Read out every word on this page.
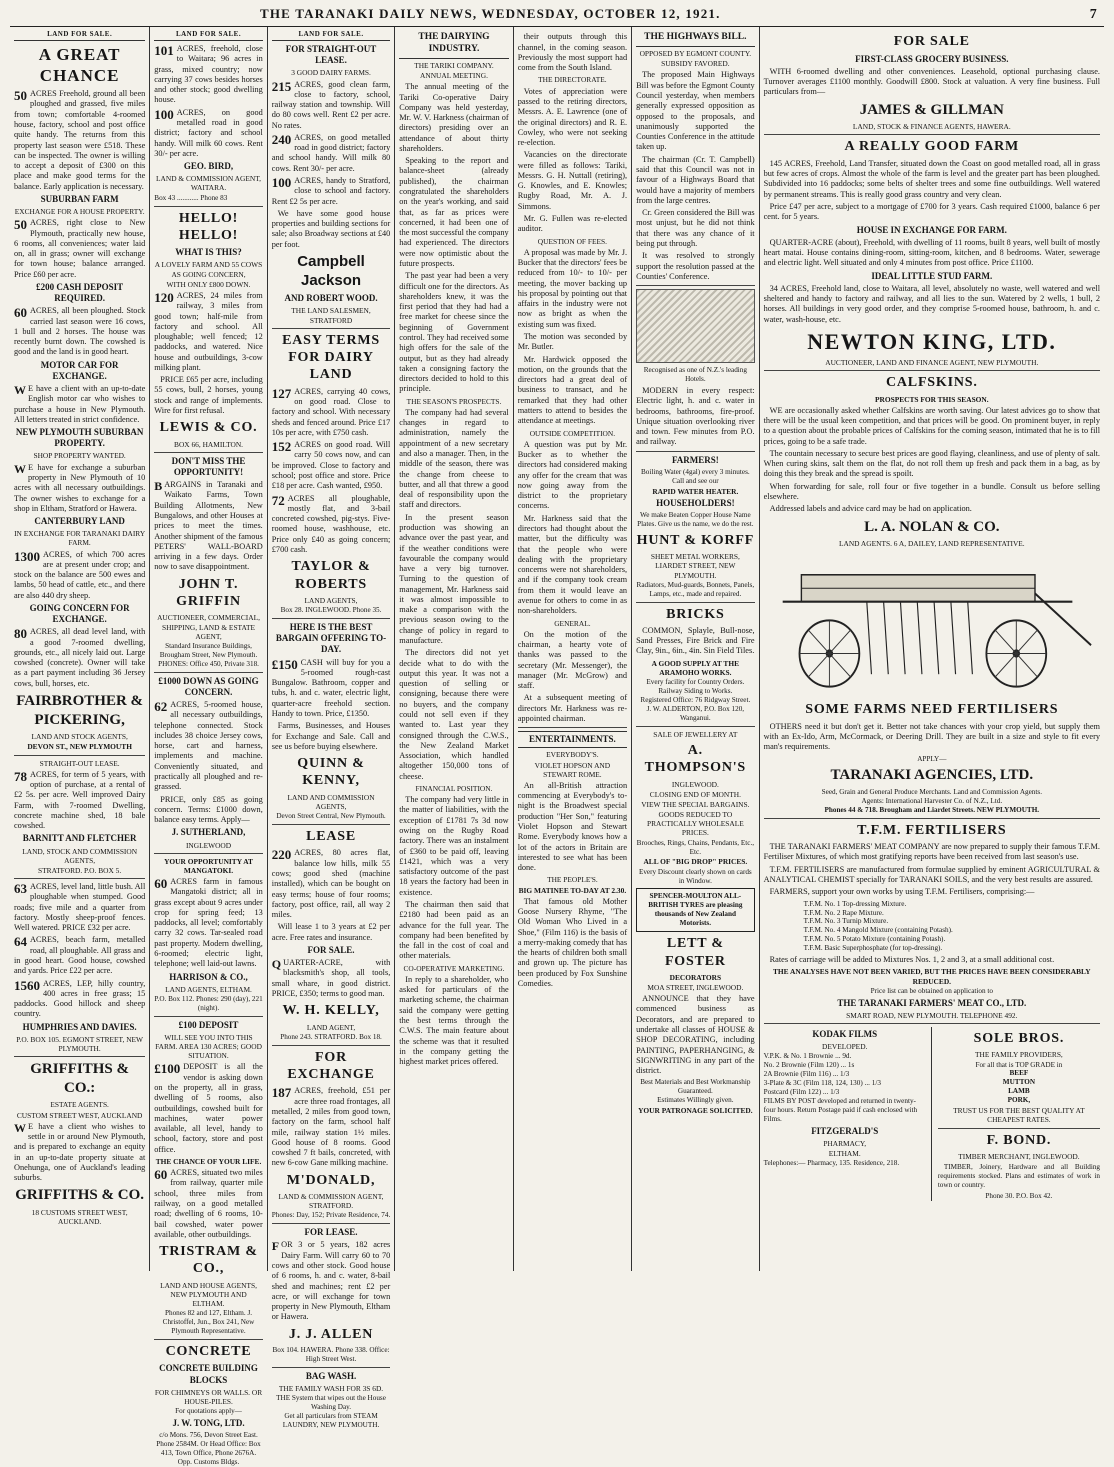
THE TARANAKI DAILY NEWS, WEDNESDAY, OCTOBER 12, 1921.	7
LAND FOR SALE.
A GREAT CHANCE
50 ACRES Freehold, ground all been ploughed and grassed, five miles from town; comfortable 4-roomed house, factory, school and post office quite handy. The returns from this property last season were £518. These can be inspected. The owner is willing to accept a deposit of £300 on this place and make good terms for the balance. Early application is necessary.
SUBURBAN FARM
EXCHANGE FOR A HOUSE PROPERTY.
50 ACRES, right close to New Plymouth, practically new house, 6 rooms, all conveniences; water laid on, all in grass; owner will exchange for town house; balance arranged. Price £60 per acre.
£200 CASH DEPOSIT REQUIRED.
60 ACRES, all been ploughed. Stock carried last season were 16 cows, 1 bull and 2 horses. The house was recently burnt down. The cowshed is good and the land is in good heart.
MOTOR CAR FOR EXCHANGE.
W E have a client with an up-to-date English motor car who wishes to purchase a house in New Plymouth. All letters treated in strict confidence.
NEW PLYMOUTH SUBURBAN PROPERTY.
SHOP PROPERTY WANTED.
W E have for exchange a suburban property in New Plymouth of 10 acres with all necessary outbuildings. The owner wishes to exchange for a shop in Eltham, Stratford or Hawera.
CANTERBURY LAND
IN EXCHANGE FOR TARANAKI DAIRY FARM.
1300 ACRES, of which 700 acres are at present under crop; and stock on the balance are 500 ewes and lambs, 50 head of cattle, etc., and there are also 440 dry sheep.
GOING CONCERN FOR EXCHANGE.
80 ACRES, all dead level land, with a good 7-roomed dwelling, grounds, etc., all nicely laid out. Large cowshed (concrete). Owner will take as a part payment including 36 Jersey cows, bull, horses, etc.
FAIRBROTHER & PICKERING,
LAND AND STOCK AGENTS,
DEVON ST., NEW PLYMOUTH
STRAIGHT-OUT LEASE.
78 ACRES, for term of 5 years, with option of purchase, at a rental of £2 5s. per acre. Well improved Dairy Farm, with 7-roomed Dwelling, concrete machine shed, 18 bale cowshed.
BARNITT AND FLETCHER
LAND, STOCK AND COMMISSION AGENTS,
STRATFORD. P.O. BOX 5.
63 ACRES, level land, little bush. All ploughable when stumped. Good roads; five mile and a quarter from factory. Mostly sheep-proof fences. Well watered. PRICE £32 per acre.
64 ACRES, beach farm, metalled road, all ploughable. All grass and in good heart. Good house, cowshed and yards. Price £22 per acre.
1560 ACRES, LEP, hilly country, 400 acres in free grass; 15 paddocks. Good hillock and sheep country.
HUMPHRIES AND DAVIES.
P.O. BOX 105. EGMONT STREET, NEW PLYMOUTH.
GRIFFITHS & CO.:
ESTATE AGENTS.
CUSTOM STREET WEST, AUCKLAND
W E have a client who wishes to settle in or around New Plymouth, and is prepared to exchange an equity in an up-to-date property situate at Onehunga, one of Auckland's leading suburbs.
GRIFFITHS & CO.
18 CUSTOMS STREET WEST, AUCKLAND.
LAND FOR SALE.
101 ACRES, freehold, close to Waitara; 96 acres in grass, mixed country; now carrying 37 cows besides horses and other stock; good dwelling house.
100 ACRES, on good metalled road in good district; factory and school handy. Will milk 60 cows. Rent 30/- per acre.
GEO. BIRD,
LAND & COMMISSION AGENT, WAITARA.
Box 43 ............ Phone 83
HELLO! HELLO!
WHAT IS THIS?
A LOVELY FARM AND 55 COWS AS GOING CONCERN,
WITH ONLY £800 DOWN.
120 ACRES, 24 miles from railway, 3 miles from good town; half-mile from factory and school. All ploughable; well fenced; 12 paddocks, and watered. Nice house and outbuildings, 3-cow milking plant.
PRICE £65 per acre, including 55 cows, bull, 2 horses, young stock and range of implements. Wire for first refusal.
LEWIS & CO.
BOX 66, HAMILTON.
DON'T MISS THE OPPORTUNITY!
B ARGAINS in Taranaki and Waikato Farms, Town Building Allotments, New Bungalows, and other Houses at prices to meet the times. Another shipment of the famous PETERS' WALL-BOARD arriving in a few days. Order now to save disappointment.
JOHN T. GRIFFIN
AUCTIONEER, COMMERCIAL, SHIPPING, LAND & ESTATE AGENT,
Standard Insurance Buildings, Brougham Street, New Plymouth.
PHONES: Office 450, Private 318.
£1000 DOWN AS GOING CONCERN.
62 ACRES, 5-roomed house, all necessary outbuildings, telephone connected. Stock includes 38 choice Jersey cows, horse, cart and harness, implements and machine. Conveniently situated, and practically all ploughed and re-grassed.
PRICE, only £85 as going concern. Terms: £1000 down, balance easy terms. Apply—
J. SUTHERLAND,
INGLEWOOD
YOUR OPPORTUNITY AT MANGATOKI.
60 ACRES farm in famous Mangatoki district; all in grass except about 9 acres under crop for spring feed; 13 paddocks, all level; comfortably carry 32 cows. Tar-sealed road past property. Modern dwelling, 6-roomed; electric light, telephone; well laid-out lawns.
HARRISON & CO.,
LAND AGENTS, ELTHAM.
P.O. Box 112. Phones: 290 (day), 221 (night).
£100 DEPOSIT
WILL SEE YOU INTO THIS FARM. AREA 130 ACRES; GOOD SITUATION.
£100 DEPOSIT is all the vendor is asking down on the property, all in grass, dwelling of 5 rooms, also outbuildings, cowshed built for machines, water power available, all level, handy to school, factory, store and post office.
THE CHANCE OF YOUR LIFE.
60 ACRES, situated two miles from railway, quarter mile school, three miles from railway, on a good metalled road; dwelling of 6 rooms, 10-bail cowshed, water power available, other outbuildings.
TRISTRAM & CO.,
LAND AND HOUSE AGENTS, NEW PLYMOUTH AND ELTHAM.
Phones 82 and 127, Eltham. J. Christoffel, Jun., Box 241, New Plymouth Representative.
CONCRETE
CONCRETE BUILDING BLOCKS
FOR CHIMNEYS OR WALLS. OR HOUSE-PILES.
For quotations apply—
J. W. TONG, LTD.
c/o Mons. 756, Devon Street East.
Phone 2584M. Or Head Office: Box 413, Town Office, Phone 2676A. Opp. Customs Bldgs.
LAND FOR SALE.
FOR STRAIGHT-OUT LEASE.
3 GOOD DAIRY FARMS.
215 ACRES, good clean farm, close to factory, school, railway station and township. Will do 80 cows well. Rent £2 per acre. No rates.
240 ACRES, on good metalled road in good district; factory and school handy. Will milk 80 cows. Rent 30/- per acre.
100 ACRES, handy to Stratford, close to school and factory. Rent £2 5s per acre.
We have some good house properties and building sections for sale; also Broadway sections at £40 per foot.
Campbell Jackson
AND ROBERT WOOD.
THE LAND SALESMEN, STRATFORD
EASY TERMS FOR DAIRY LAND
127 ACRES, carrying 40 cows, on good road. Close to factory and school. With necessary sheds and fenced around. Price £17 10s per acre, with £750 cash.
152 ACRES on good road. Will carry 50 cows now, and can be improved. Close to factory and school; post office and store. Price £18 per acre. Cash wanted, £950.
72 ACRES all ploughable, mostly flat, and 3-bail concreted cowshed, pig-stys. Five-roomed house, washhouse, etc. Price only £40 as going concern; £700 cash.
TAYLOR & ROBERTS
LAND AGENTS,
Box 28. INGLEWOOD. Phone 35.
HERE IS THE BEST BARGAIN OFFERING TO-DAY.
£150 CASH will buy for you a 5-roomed rough-cast Bungalow. Bathroom, copper and tubs, h. and c. water, electric light, quarter-acre freehold section. Handy to town. Price, £1350.
Farms, Businesses, and Houses for Exchange and Sale. Call and see us before buying elsewhere.
QUINN & KENNY,
LAND AND COMMISSION AGENTS,
Devon Street Central, New Plymouth.
LEASE
220 ACRES, 80 acres flat, balance low hills, milk 55 cows; good shed (machine installed), which can be bought on easy terms; house of four rooms; factory, post office, rail, all way 2 miles.
Will lease 1 to 3 years at £2 per acre. Free rates and insurance.
FOR SALE.
Q UARTER-ACRE, with blacksmith's shop, all tools, small whare, in good district. PRICE, £350; terms to good man.
W. H. KELLY,
LAND AGENT,
Phone 243. STRATFORD. Box 18.
FOR EXCHANGE
187 ACRES, freehold, £51 per acre three road frontages, all metalled, 2 miles from good town, factory on the farm, school half mile, railway station 1½ miles. Good house of 8 rooms. Good cowshed 7 ft bails, concreted, with new 6-cow Gane milking machine.
M'DONALD,
LAND & COMMISSION AGENT, STRATFORD.
Phones: Day, 152; Private Residence, 74.
FOR LEASE.
F OR 3 or 5 years, 182 acres Dairy Farm. Will carry 60 to 70 cows and other stock. Good house of 6 rooms, h. and c. water, 8-bail shed and machines; rent £2 per acre, or will exchange for town property in New Plymouth, Eltham or Hawera.
J. J. ALLEN
Box 104. HAWERA. Phone 338. Office: High Street West.
BAG WASH.
THE FAMILY WASH FOR 3S 6D.
THE System that wipes out the House Washing Day.
Get all particulars from STEAM LAUNDRY, NEW PLYMOUTH.
THE DAIRYING INDUSTRY.
THE TARIKI COMPANY.
ANNUAL MEETING.
The annual meeting of the Tariki Co-operative Dairy Company was held yesterday, Mr. W. V. Harkness (chairman of directors) presiding over an attendance of about thirty shareholders.
Speaking to the report and balance-sheet (already published), the chairman congratulated the shareholders on the year's working, and said that, as far as prices were concerned, it had been one of the most successful the company had experienced. The directors were now optimistic about the future prospects.
The past year had been a very difficult one for the directors. As shareholders knew, it was the first period that they had had a free market for cheese since the beginning of Government control. They had received some high offers for the sale of the output, but as they had already taken a consigning factory the directors decided to hold to this principle.
THE SEASON'S PROSPECTS.
The company had had several changes in regard to administration, namely the appointment of a new secretary and also a manager. Then, in the middle of the season, there was the change from cheese to butter, and all that threw a good deal of responsibility upon the staff and directors.
In the present season production was showing an advance over the past year, and if the weather conditions were favourable the company would have a very big turnover. Turning to the question of management, Mr. Harkness said it was almost impossible to make a comparison with the previous season owing to the change of policy in regard to manufacture.
The directors did not yet decide what to do with the output this year. It was not a question of selling or consigning, because there were no buyers, and the company could not sell even if they wanted to. Last year they consigned through the C.W.S., the New Zealand Market Association, which handled altogether 150,000 tons of cheese.
FINANCIAL POSITION.
The company had very little in the matter of liabilities, with the exception of £1781 7s 3d now owing on the Rugby Road factory. There was an instalment of £360 to be paid off, leaving £1421, which was a very satisfactory outcome of the past 18 years the factory had been in existence.
The chairman then said that £2180 had been paid as an advance for the full year. The company had been benefited by the fall in the cost of coal and other materials.
CO-OPERATIVE MARKETING.
In reply to a shareholder, who asked for particulars of the marketing scheme, the chairman said the company were getting the best terms through the C.W.S. The main feature about the scheme was that it resulted in the company getting the highest market prices offered.
their outputs through this channel, in the coming season. Previously the most support had come from the South Island.
THE DIRECTORATE.
Votes of appreciation were passed to the retiring directors, Messrs. A. E. Lawrence (one of the original directors) and R. E. Cowley, who were not seeking re-election.
Vacancies on the directorate were filled as follows: Tariki, Messrs. G. H. Nuttall (retiring), G. Knowles, and E. Knowles; Rugby Road, Mr. A. J. Simmons.
Mr. G. Fullen was re-elected auditor.
QUESTION OF FEES.
A proposal was made by Mr. J. Bucker that the directors' fees be reduced from 10/- to 10/- per meeting, the mover backing up his proposal by pointing out that affairs in the industry were not now as bright as when the existing sum was fixed.
The motion was seconded by Mr. Butler.
Mr. Hardwick opposed the motion, on the grounds that the directors had a great deal of business to transact, and he remarked that they had other matters to attend to besides the attendance at meetings.
OUTSIDE COMPETITION.
A question was put by Mr. Bucker as to whether the directors had considered making any offer for the cream that was now going away from the district to the proprietary concerns.
Mr. Harkness said that the directors had thought about the matter, but the difficulty was that the people who were dealing with the proprietary concerns were not shareholders, and if the company took cream from them it would leave an avenue for others to come in as non-shareholders.
GENERAL.
On the motion of the chairman, a hearty vote of thanks was passed to the secretary (Mr. Messenger), the manager (Mr. McGrow) and staff.
At a subsequent meeting of directors Mr. Harkness was re-appointed chairman.
ENTERTAINMENTS.
EVERYBODY'S.
VIOLET HOPSON AND STEWART ROME.
An all-British attraction commencing at Everybody's to-night is the Broadwest special production "Her Son," featuring Violet Hopson and Stewart Rome. Everybody knows how a lot of the actors in Britain are interested to see what has been done.
THE PEOPLE'S.
BIG MATINEE TO-DAY AT 2.30.
That famous old Mother Goose Nursery Rhyme, "The Old Woman Who Lived in a Shoe," (Film 116) is the basis of a merry-making comedy that has the hearts of children both small and grown up. The picture has been produced by Fox Sunshine Comedies.
THE HIGHWAYS BILL.
OPPOSED BY EGMONT COUNTY.
SUBSIDY FAVORED.
The proposed Main Highways Bill was before the Egmont County Council yesterday, when members generally expressed opposition as opposed to the proposals, and unanimously supported the Counties Conference in the attitude taken up.
The chairman (Cr. T. Campbell) said that this Council was not in favour of a Highways Board that would have a majority of members from the large centres.
Cr. Green considered the Bill was most unjust, but he did not think that there was any chance of it being put through.
It was resolved to strongly support the resolution passed at the Counties' Conference.
Recognised as one of N.Z.'s leading Hotels.
MODERN in every respect: Electric light, h. and c. water in bedrooms, bathrooms, fire-proof. Unique situation overlooking river and town. Few minutes from P.O. and railway.
FARMERS!
Boiling Water (4gal) every 3 minutes. Call and see our
RAPID WATER HEATER.
HOUSEHOLDERS!
We make Beaten Copper House Name Plates. Give us the name, we do the rest.
HUNT & KORFF
SHEET METAL WORKERS, LIARDET STREET, NEW PLYMOUTH.
Radiators, Mud-guards, Bonnets, Panels, Lamps, etc., made and repaired.
BRICKS
COMMON, Splayle, Bull-nose, Sand Presses, Fire Brick and Fire Clay, 9in., 6in., 4in. Sin Field Tiles.
A GOOD SUPPLY AT THE ARAMOHO WORKS.
Every facility for Country Orders. Railway Siding to Works.
Registered Office: 76 Ridgway Street.
J. W. ALDERTON, P.O. Box 120, Wanganui.
SALE OF JEWELLERY AT
A. THOMPSON'S
INGLEWOOD.
CLOSING END OF MONTH.
VIEW THE SPECIAL BARGAINS.
GOODS REDUCED TO PRACTICALLY WHOLESALE PRICES.
Brooches, Rings, Chains, Pendants, Etc., Etc.
ALL OF "BIG DROP" PRICES.
Every Discount clearly shown on cards in Window.
SPENCER-MOULTON ALL-BRITISH TYRES are pleasing thousands of New Zealand Motorists.
LETT & FOSTER
DECORATORS
MOA STREET, INGLEWOOD.
ANNOUNCE that they have commenced business as Decorators, and are prepared to undertake all classes of HOUSE & SHOP DECORATING, including PAINTING, PAPERHANGING, & SIGNWRITING in any part of the district.
Best Materials and Best Workmanship Guaranteed.
Estimates Willingly given.
YOUR PATRONAGE SOLICITED.
FOR SALE
FIRST-CLASS GROCERY BUSINESS.
WITH 6-roomed dwelling and other conveniences. Leasehold, optional purchasing clause. Turnover averages £1100 monthly. Goodwill £800. Stock at valuation. A very fine business. Full particulars from—
JAMES & GILLMAN
LAND, STOCK & FINANCE AGENTS, HAWERA.
A REALLY GOOD FARM
145 ACRES, Freehold, Land Transfer, situated down the Coast on good metalled road, all in grass but few acres of crops. Almost the whole of the farm is level and the greater part has been ploughed. Subdivided into 16 paddocks; some belts of shelter trees and some fine outbuildings. Well watered by permanent streams. This is really good grass country and very clean.
Price £47 per acre, subject to a mortgage of £700 for 3 years. Cash required £1000, balance 6 per cent. for 5 years.
HOUSE IN EXCHANGE FOR FARM.
QUARTER-ACRE (about), Freehold, with dwelling of 11 rooms, built 8 years, well built of mostly heart matai. House contains dining-room, sitting-room, kitchen, and 8 bedrooms. Water, sewerage and electric light. Well situated and only 4 minutes from post office. Price £1100.
IDEAL LITTLE STUD FARM.
34 ACRES, Freehold land, close to Waitara, all level, absolutely no waste, well watered and well sheltered and handy to factory and railway, and all lies to the sun. Watered by 2 wells, 1 bull, 2 horses. All buildings in very good order, and they comprise 5-roomed house, bathroom, h. and c. water, wash-house, etc.
NEWTON KING, LTD.
AUCTIONEER, LAND AND FINANCE AGENT, NEW PLYMOUTH.
CALFSKINS.
PROSPECTS FOR THIS SEASON.
WE are occasionally asked whether Calfskins are worth saving. Our latest advices go to show that there will be the usual keen competition, and that prices will be good. On prominent buyer, in reply to a question about the probable prices of Calfskins for the coming season, intimated that he is to fill prices, going to be a safe trade.
The countain necessary to secure best prices are good flaying, cleanliness, and use of plenty of salt. When curing skins, salt them on the flat, do not roll them up fresh and pack them in a bag, as by doing this they break and the spread is spoilt.
When forwarding for sale, roll four or five together in a bundle. Consult us before selling elsewhere.
Addressed labels and advice card may be had on application.
L. A. NOLAN & CO.
LAND AGENTS. 6 A, DAILEY, LAND REPRESENTATIVE.
SOME FARMS NEED FERTILISERS
OTHERS need it but don't get it. Better not take chances with your crop yield, but supply them with an Ex-Ido, Arm, McCormack, or Deering Drill. They are built in a size and style to fit every man's requirements.
APPLY—
TARANAKI AGENCIES, LTD.
Seed, Grain and General Produce Merchants. Land and Commission Agents.
Agents: International Harvester Co. of N.Z., Ltd.
Phones 44 & 718. Brougham and Liardet Streets. NEW PLYMOUTH.
T.F.M. FERTILISERS
THE TARANAKI FARMERS' MEAT COMPANY are now prepared to supply their famous T.F.M. Fertiliser Mixtures, of which most gratifying reports have been received from last season's use.
T.F.M. FERTILISERS are manufactured from formulae supplied by eminent AGRICULTURAL & ANALYTICAL CHEMIST specially for TARANAKI SOILS, and the very best results are assured.
FARMERS, support your own works by using T.F.M. Fertilisers, comprising:—
T.F.M. No. 1 Top-dressing Mixture.
T.F.M. No. 2 Rape Mixture.
T.F.M. No. 3 Turnip Mixture.
T.F.M. No. 4 Mangold Mixture (containing Potash).
T.F.M. No. 5 Potato Mixture (containing Potash).
T.F.M. Basic Superphosphate (for top-dressing).
Rates of carriage will be added to Mixtures Nos. 1, 2 and 3, at a small additional cost.
THE ANALYSES HAVE NOT BEEN VARIED, BUT THE PRICES HAVE BEEN CONSIDERABLY REDUCED.
Price list can be obtained on application to
THE TARANAKI FARMERS' MEAT CO., LTD.
SMART ROAD, NEW PLYMOUTH. TELEPHONE 492.
KODAK FILMS
DEVELOPED.
V.P.K. & No. 1 Brownie ... 9d.
No. 2 Brownie (Film 120) ... 1s
2A Brownie (Film 116) ... 1/3
3-Plate & 3C (Film 118, 124, 130) ... 1/3
Postcard (Film 122) ... 1/3
FILMS BY POST developed and returned in twenty-four hours. Return Postage paid if cash enclosed with Films.
FITZGERALD'S
PHARMACY,
ELTHAM.
Telephones:— Pharmacy, 135. Residence, 218.
SOLE BROS.
THE FAMILY PROVIDERS,
For all that is TOP GRADE in
BEEF
MUTTON
LAMB
PORK,
TRUST US FOR THE BEST QUALITY AT CHEAPEST RATES.
F. BOND.
TIMBER MERCHANT, INGLEWOOD.
TIMBER, Joinery, Hardware and all Building requirements stocked. Plans and estimates of work in town or country.
Phone 30. P.O. Box 42.
